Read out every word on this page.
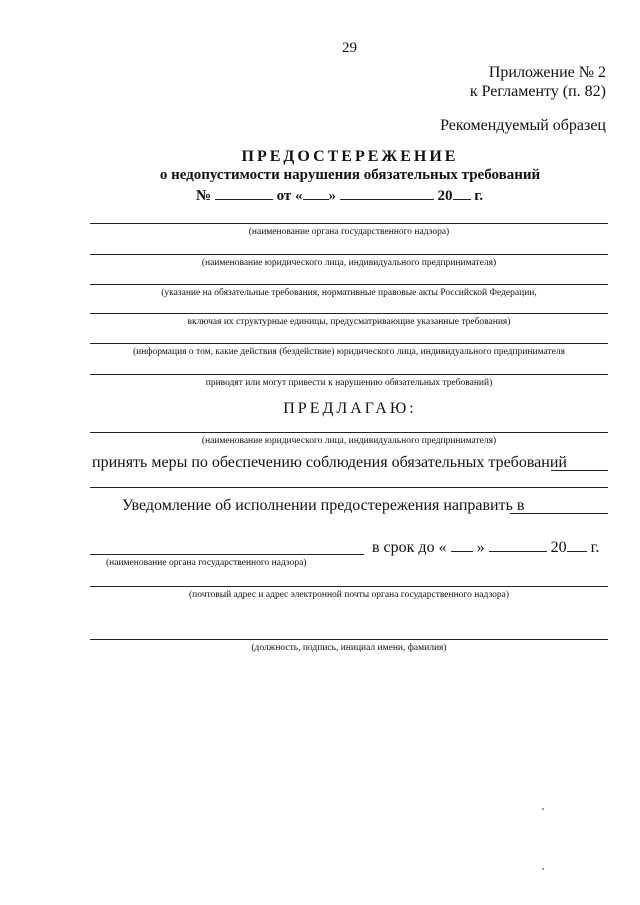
29
Приложение № 2
к Регламенту (п. 82)
Рекомендуемый образец
ПРЕДОСТЕРЕЖЕНИЕ
о недопустимости нарушения обязательных требований
№	от « »	20 г.
(наименование органа государственного надзора)
(наименование юридического лица, индивидуального предпринимателя)
(указание на обязательные требования, нормативные правовые акты Российской Федерации,
включая их структурные единицы, предусматривающие указанные требования)
(информация о том, какие действия (бездействие) юридического лица, индивидуального предпринимателя
приводят или могут привести к нарушению обязательных требований)
ПРЕДЛАГАЮ:
(наименование юридического лица, индивидуального предпринимателя)
принять меры по обеспечению соблюдения обязательных требований
Уведомление об исполнении предостережения направить в
в срок до « »	20 г.
(наименование органа государственного надзора)
(почтовый адрес и адрес электронной почты органа государственного надзора)
(должность, подпись, инициал имени, фамилия)
